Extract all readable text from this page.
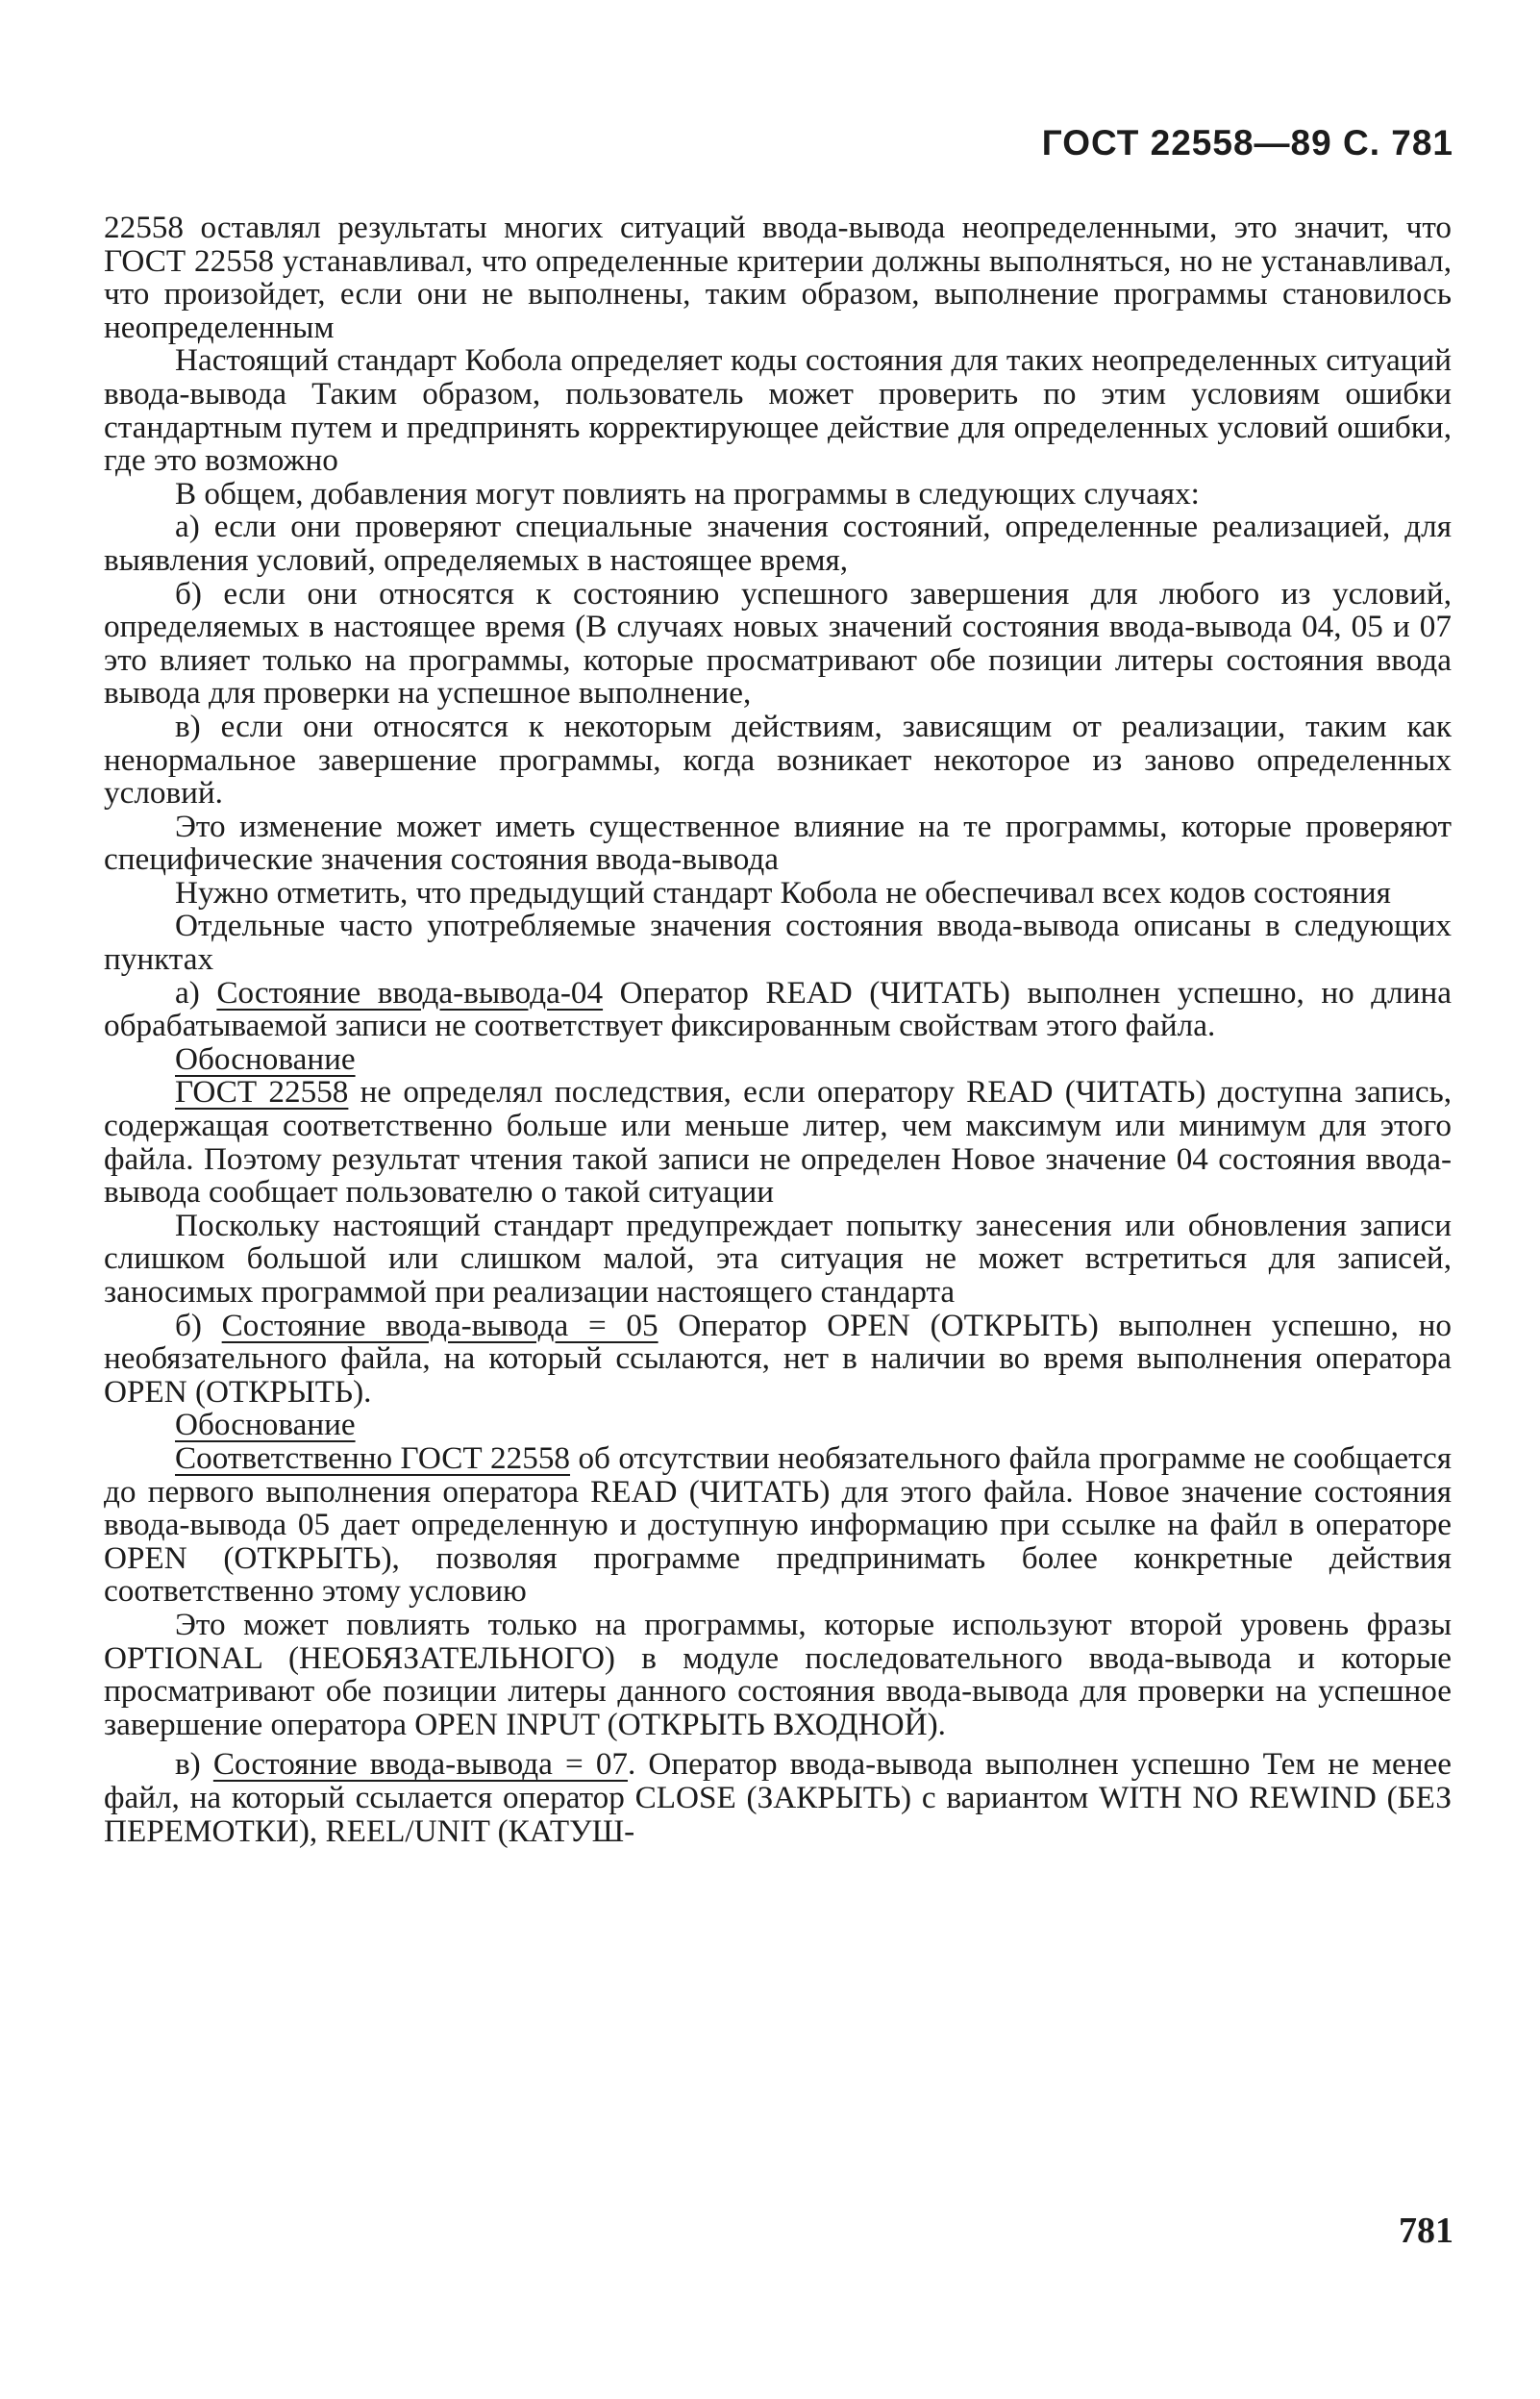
ГОСТ 22558—89 С. 781

22558 оставлял результаты многих ситуаций ввода-вывода неопределенными, это значит, что ГОСТ 22558 устанавливал, что определенные критерии должны выполняться, но не устанавливал, что произойдет, если они не выполнены, таким образом, выполнение программы становилось неопределенным

Настоящий стандарт Кобола определяет коды состояния для таких неопределенных ситуаций ввода-вывода Таким образом, пользователь может проверить по этим условиям ошибки стандартным путем и предпринять корректирующее действие для определенных условий ошибки, где это возможно

В общем, добавления могут повлиять на программы в следующих случаях:

а) если они проверяют специальные значения состояний, определенные реализацией, для выявления условий, определяемых в настоящее время,

б) если они относятся к состоянию успешного завершения для любого из условий, определяемых в настоящее время (В случаях новых значений состояния ввода-вывода 04, 05 и 07 это влияет только на программы, которые просматривают обе позиции литеры состояния ввода вывода для проверки на успешное выполнение,

в) если они относятся к некоторым действиям, зависящим от реализации, таким как ненормальное завершение программы, когда возникает некоторое из заново определенных условий.

Это изменение может иметь существенное влияние на те программы, которые проверяют специфические значения состояния ввода-вывода

Нужно отметить, что предыдущий стандарт Кобола не обеспечивал всех кодов состояния

Отдельные часто употребляемые значения состояния ввода-вывода описаны в следующих пунктах

а) Состояние ввода-вывода-04 Оператор READ (ЧИТАТЬ) выполнен успешно, но длина обрабатываемой записи не соответствует фиксированным свойствам этого файла.

Обоснование

ГОСТ 22558 не определял последствия, если оператору READ (ЧИТАТЬ) доступна запись, содержащая соответственно больше или меньше литер, чем максимум или минимум для этого файла. Поэтому результат чтения такой записи не определен Новое значение 04 состояния ввода-вывода сообщает пользователю о такой ситуации

Поскольку настоящий стандарт предупреждает попытку занесения или обновления записи слишком большой или слишком малой, эта ситуация не может встретиться для записей, заносимых программой при реализации настоящего стандарта

б) Состояние ввода-вывода = 05 Оператор OPEN (ОТКРЫТЬ) выполнен успешно, но необязательного файла, на который ссылаются, нет в наличии во время выполнения оператора OPEN (ОТКРЫТЬ).

Обоснование

Соответственно ГОСТ 22558 об отсутствии необязательного файла программе не сообщается до первого выполнения оператора READ (ЧИТАТЬ) для этого файла. Новое значение состояния ввода-вывода 05 дает определенную и доступную информацию при ссылке на файл в операторе OPEN (ОТКРЫТЬ), позволяя программе предпринимать более конкретные действия соответственно этому условию

Это может повлиять только на программы, которые используют второй уровень фразы OPTIONAL (НЕОБЯЗАТЕЛЬНОГО) в модуле последовательного ввода-вывода и которые просматривают обе позиции литеры данного состояния ввода-вывода для проверки на успешное завершение оператора OPEN INPUT (ОТКРЫТЬ ВХОДНОЙ).

в) Состояние ввода-вывода = 07. Оператор ввода-вывода выполнен успешно Тем не менее файл, на который ссылается оператор CLOSE (ЗАКРЫТЬ) с вариантом WITH NO REWIND (БЕЗ ПЕРЕМОТКИ), REEL/UNIT (КАТУШ-

781
